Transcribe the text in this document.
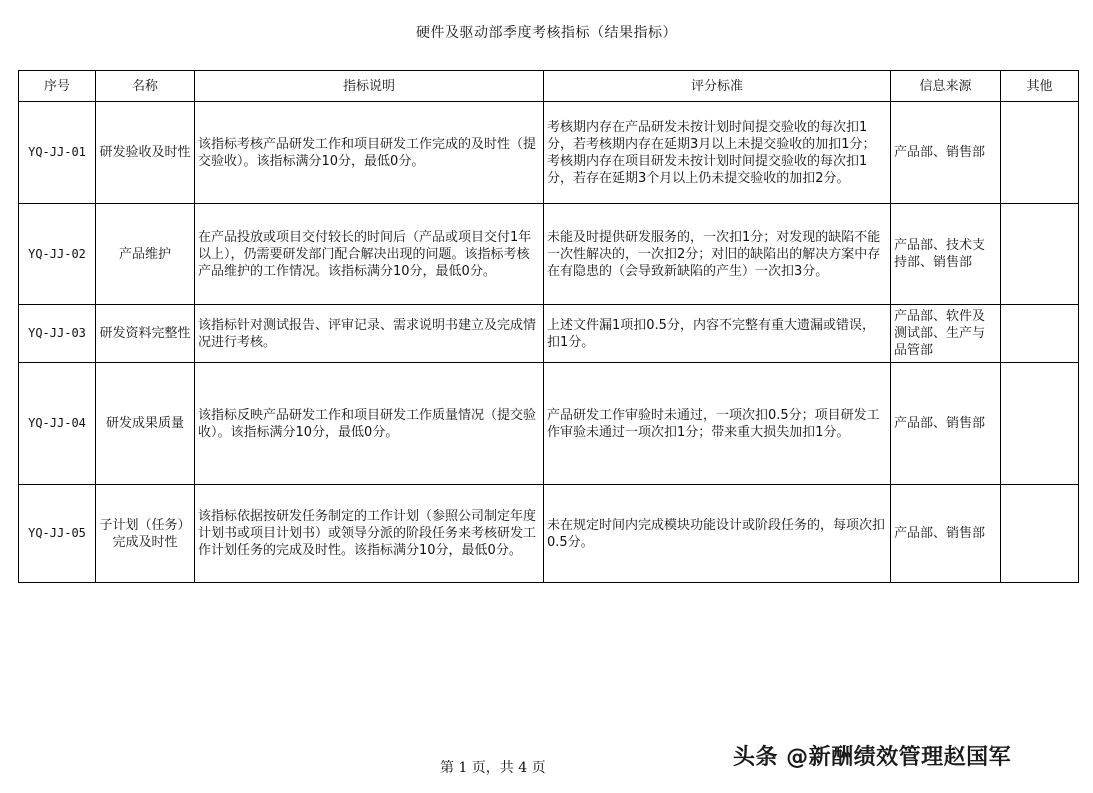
硬件及驱动部季度考核指标（结果指标）
序号	名称	指标说明	评分标准	信息来源	其他
YQ-JJ-01	研发验收及时性	该指标考核产品研发工作和项目研发工作完成的及时性（提交验收）。该指标满分10分，最低0分。	考核期内存在产品研发未按计划时间提交验收的每次扣1分，若考核期内存在延期3月以上未提交验收的加扣1分；考核期内存在项目研发未按计划时间提交验收的每次扣1分，若存在延期3个月以上仍未提交验收的加扣2分。	产品部、销售部	
YQ-JJ-02	产品维护	在产品投放或项目交付较长的时间后（产品或项目交付1年以上），仍需要研发部门配合解决出现的问题。该指标考核产品维护的工作情况。该指标满分10分，最低0分。	未能及时提供研发服务的，一次扣1分；对发现的缺陷不能一次性解决的，一次扣2分；对旧的缺陷出的解决方案中存在有隐患的（会导致新缺陷的产生）一次扣3分。	产品部、技术支持部、销售部	
YQ-JJ-03	研发资料完整性	该指标针对测试报告、评审记录、需求说明书建立及完成情况进行考核。	上述文件漏1项扣0.5分，内容不完整有重大遗漏或错误，扣1分。	产品部、软件及测试部、生产与品管部	
YQ-JJ-04	研发成果质量	该指标反映产品研发工作和项目研发工作质量情况（提交验收）。该指标满分10分，最低0分。	产品研发工作审验时未通过，一项次扣0.5分；项目研发工作审验未通过一项次扣1分；带来重大损失加扣1分。	产品部、销售部	
YQ-JJ-05	子计划（任务）完成及时性	该指标依据按研发任务制定的工作计划（参照公司制定年度计划书或项目计划书）或领导分派的阶段任务来考核研发工作计划任务的完成及时性。该指标满分10分，最低0分。	未在规定时间内完成模块功能设计或阶段任务的，每项次扣0.5分。	产品部、销售部	
第 1 页，共 4 页	头条 @新酬绩效管理赵国军
